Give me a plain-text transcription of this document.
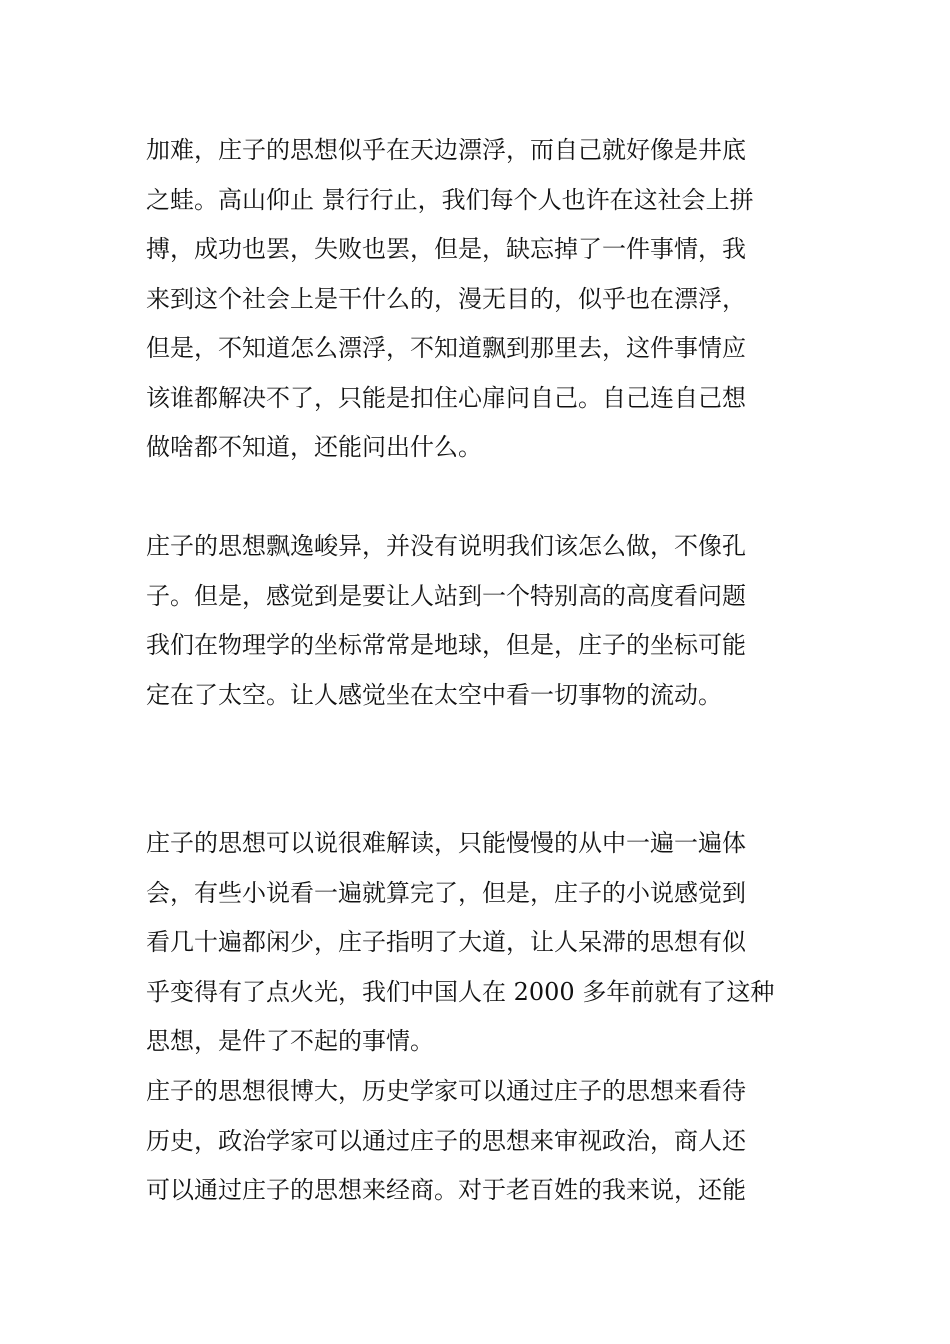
加难，庄子的思想似乎在天边漂浮，而自己就好像是井底
之蛙。高山仰止 景行行止，我们每个人也许在这社会上拼
搏，成功也罢，失败也罢，但是，缺忘掉了一件事情，我
来到这个社会上是干什么的，漫无目的，似乎也在漂浮，
但是，不知道怎么漂浮，不知道飘到那里去，这件事情应
该谁都解决不了，只能是扣住心扉问自己。自己连自己想
做啥都不知道，还能问出什么。
庄子的思想飘逸峻异，并没有说明我们该怎么做，不像孔
子。但是，感觉到是要让人站到一个特别高的高度看问题
我们在物理学的坐标常常是地球，但是，庄子的坐标可能
定在了太空。让人感觉坐在太空中看一切事物的流动。
庄子的思想可以说很难解读，只能慢慢的从中一遍一遍体
会，有些小说看一遍就算完了，但是，庄子的小说感觉到
看几十遍都闲少，庄子指明了大道，让人呆滞的思想有似
乎变得有了点火光，我们中国人在 2000 多年前就有了这种
思想，是件了不起的事情。
庄子的思想很博大，历史学家可以通过庄子的思想来看待
历史，政治学家可以通过庄子的思想来审视政治，商人还
可以通过庄子的思想来经商。对于老百姓的我来说，还能
